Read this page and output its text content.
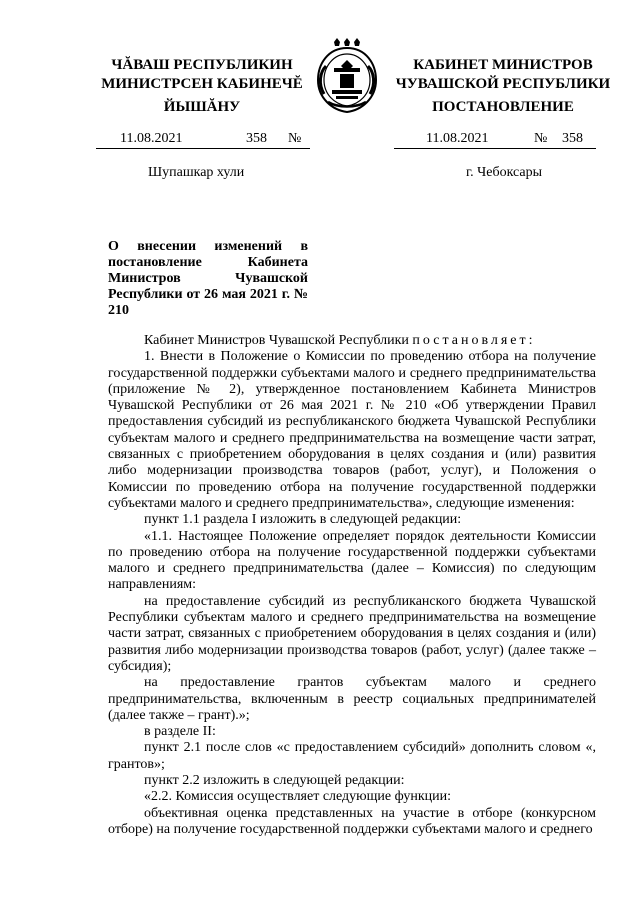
ЧĂВАШ РЕСПУБЛИКИН
МИНИСТРСЕН КАБИНЕЧĔ
ЙЫШĂНУ
КАБИНЕТ МИНИСТРОВ
ЧУВАШСКОЙ РЕСПУБЛИКИ
ПОСТАНОВЛЕНИЕ
11.08.2021	358 №	11.08.2021	№ 358
Шупашкар хули	г. Чебоксары
О внесении изменений в постановление Кабинета Министров Чувашской Республики от 26 мая 2021 г. № 210

Кабинет Министров Чувашской Республики постановляет:

1. Внести в Положение о Комиссии по проведению отбора на получение государственной поддержки субъектами малого и среднего предпринимательства (приложение № 2), утвержденное постановлением Кабинета Министров Чувашской Республики от 26 мая 2021 г. № 210 «Об утверждении Правил предоставления субсидий из республиканского бюджета Чувашской Республики субъектам малого и среднего предпринимательства на возмещение части затрат, связанных с приобретением оборудования в целях создания и (или) развития либо модернизации производства товаров (работ, услуг), и Положения о Комиссии по проведению отбора на получение государственной поддержки субъектами малого и среднего предпринимательства», следующие изменения:

пункт 1.1 раздела I изложить в следующей редакции:

«1.1. Настоящее Положение определяет порядок деятельности Комиссии по проведению отбора на получение государственной поддержки субъектами малого и среднего предпринимательства (далее – Комиссия) по следующим направлениям:

на предоставление субсидий из республиканского бюджета Чувашской Республики субъектам малого и среднего предпринимательства на возмещение части затрат, связанных с приобретением оборудования в целях создания и (или) развития либо модернизации производства товаров (работ, услуг) (далее также – субсидия);

на предоставление грантов субъектам малого и среднего предпринимательства, включенным в реестр социальных предпринимателей (далее также – грант).»;

в разделе II:

пункт 2.1 после слов «с предоставлением субсидий» дополнить словом «, грантов»;

пункт 2.2 изложить в следующей редакции:

«2.2. Комиссия осуществляет следующие функции:

объективная оценка представленных на участие в отборе (конкурсном отборе) на получение государственной поддержки субъектами малого и среднего
